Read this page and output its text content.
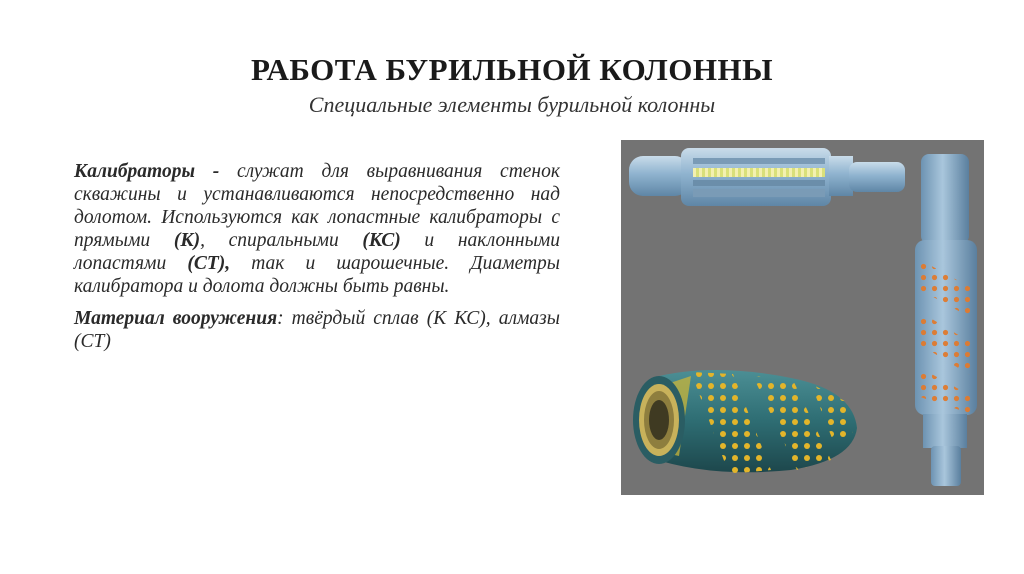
РАБОТА БУРИЛЬНОЙ КОЛОННЫ
Специальные элементы бурильной колонны

Калибраторы - служат для выравнивания стенок скважины и устанавливаются непосредственно над долотом. Используются как лопастные калибраторы с прямыми (К), спиральными (КС) и наклонными лопастями (СТ), так и шарошечные. Диаметры калибратора и долота должны быть равны.

Материал вооружения: твёрдый сплав (К КС), алмазы (СТ)
